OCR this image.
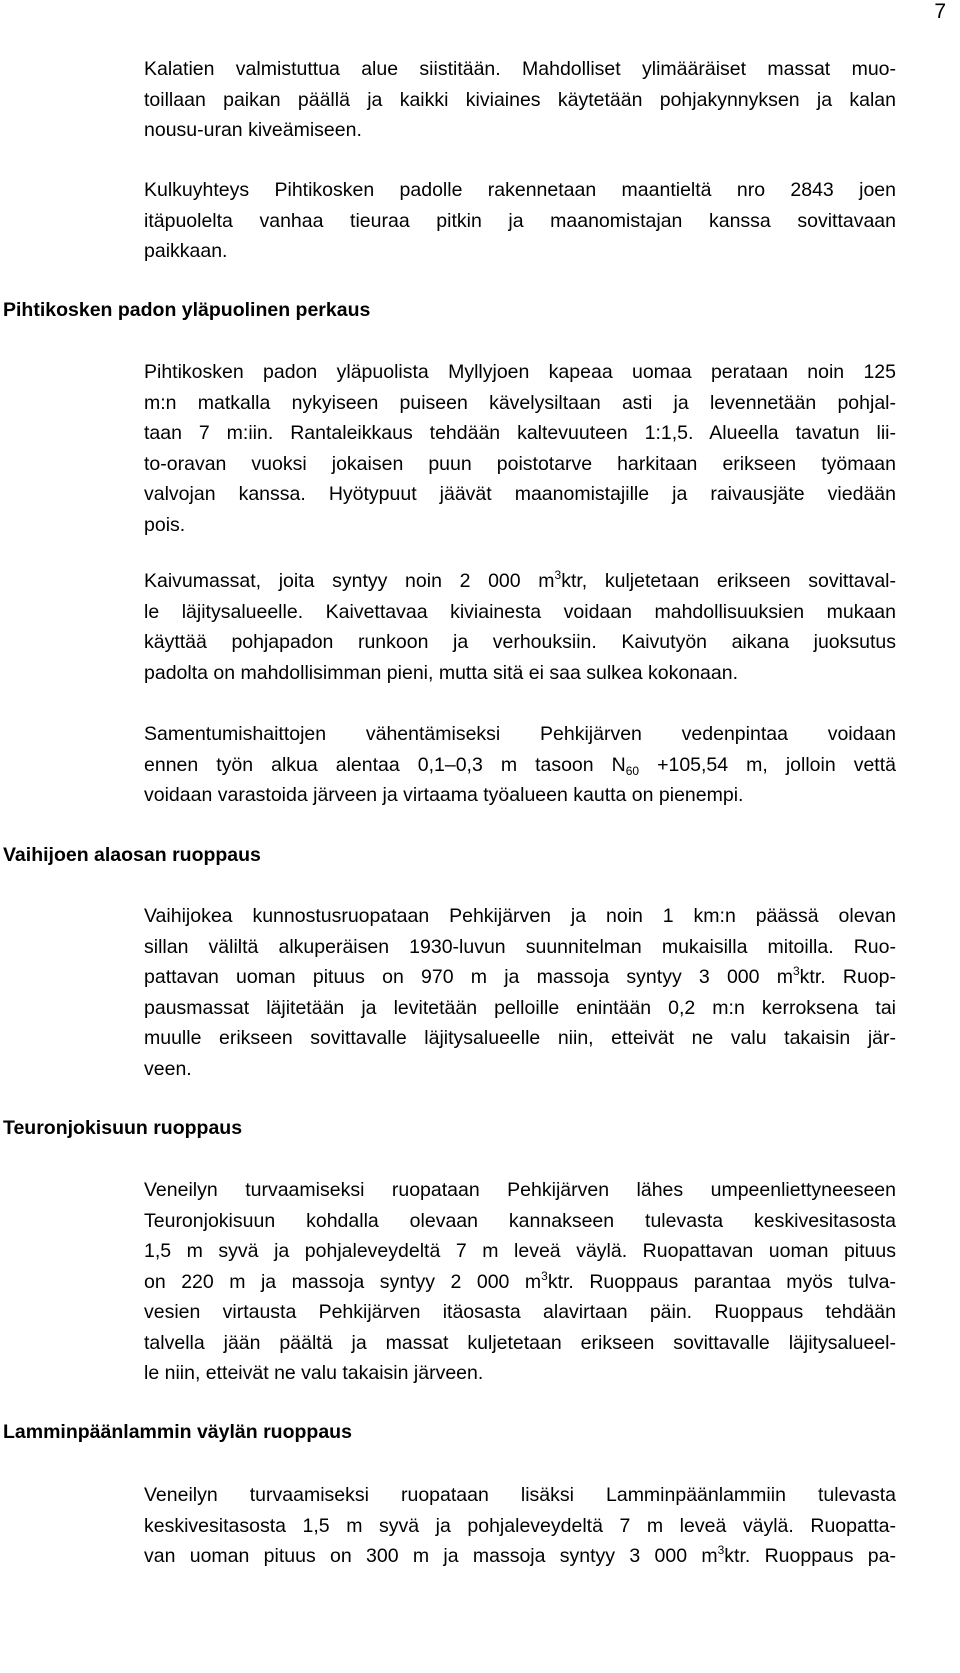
7
Kalatien valmistuttua alue siistitään. Mahdolliset ylimääräiset massat muo-
toillaan paikan päällä ja kaikki kiviaines käytetään pohjakynnyksen ja kalan
nousu-uran kiveämiseen.
Kulkuyhteys Pihtikosken padolle rakennetaan maantieltä nro 2843 joen
itäpuolelta vanhaa tieuraa pitkin ja maanomistajan kanssa sovittavaan
paikkaan.
Pihtikosken padon yläpuolinen perkaus
Pihtikosken padon yläpuolista Myllyjoen kapeaa uomaa perataan noin 125
m:n matkalla nykyiseen puiseen kävelysiltaan asti ja levennetään pohjal-
taan 7 m:iin. Rantaleikkaus tehdään kaltevuuteen 1:1,5. Alueella tavatun lii-
to-oravan vuoksi jokaisen puun poistotarve harkitaan erikseen työmaan
valvojan kanssa. Hyötypuut jäävät maanomistajille ja raivausjäte viedään
pois.
Kaivumassat, joita syntyy noin 2 000 $m^3ktr$, kuljetetaan erikseen sovittaval-
le läjitysalueelle. Kaivettavaa kiviainesta voidaan mahdollisuuksien mukaan
käyttää pohjapadon runkoon ja verhouksiin. Kaivutyön aikana juoksutus
padolta on mahdollisimman pieni, mutta sitä ei saa sulkea kokonaan.
Samentumishaittojen vähentämiseksi Pehkijärven vedenpintaa voidaan
ennen työn alkua alentaa 0,1–0,3 m tasoon $N_{60} +105,54$ m, jolloin vettä
voidaan varastoida järveen ja virtaama työalueen kautta on pienempi.
Vaihijoen alaosan ruoppaus
Vaihijokea kunnostusruopataan Pehkijärven ja noin 1 km:n päässä olevan
sillan väliltä alkuperäisen 1930-luvun suunnitelman mukaisilla mitoilla. Ruo-
pattavan uoman pituus on 970 m ja massoja syntyy 3 000 $m^3ktr$. Ruop-
pausmassat läjitetään ja levitetään pelloille enintään 0,2 m:n kerroksena tai
muulle erikseen sovittavalle läjitysalueelle niin, etteivät ne valu takaisin jär-
veen.
Teuronjokisuun ruoppaus
Veneilyn turvaamiseksi ruopataan Pehkijärven lähes umpeenliettyneeseen
Teuronjokisuun kohdalla olevaan kannakseen tulevasta keskivesitasosta
1,5 m syvä ja pohjaleveydeltä 7 m leveä väylä. Ruopattavan uoman pituus
on 220 m ja massoja syntyy 2 000 $m^3ktr$. Ruoppaus parantaa myös tulva-
vesien virtausta Pehkijärven itäosasta alavirtaan päin. Ruoppaus tehdään
talvella jään päältä ja massat kuljetetaan erikseen sovittavalle läjitysalueel-
le niin, etteivät ne valu takaisin järveen.
Lamminpäänlammin väylän ruoppaus
Veneilyn turvaamiseksi ruopataan lisäksi Lamminpäänlammiin tulevasta
keskivesitasosta 1,5 m syvä ja pohjaleveydeltä 7 m leveä väylä. Ruopatta-
van uoman pituus on 300 m ja massoja syntyy 3 000 $m^3ktr$. Ruoppaus pa-
